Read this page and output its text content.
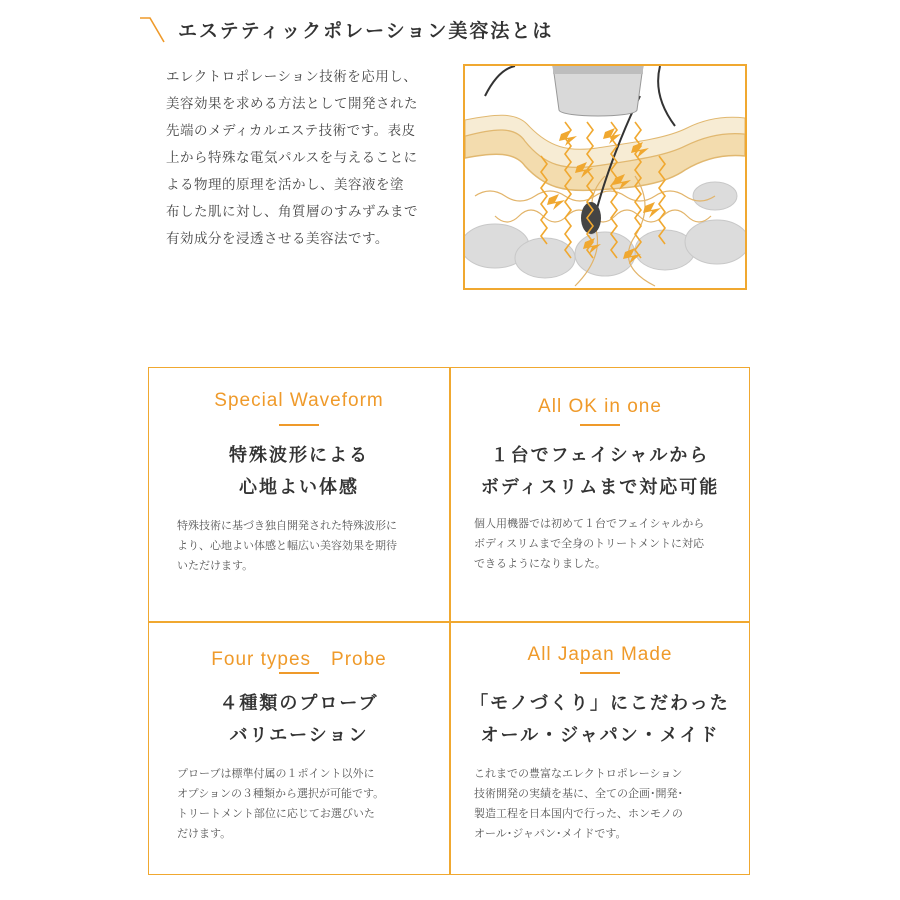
エステティックポレーション美容法とは

エレクトロポレーション技術を応用し、
美容効果を求める方法として開発された
先端のメディカルエステ技術です。表皮
上から特殊な電気パルスを与えることに
よる物理的原理を活かし、美容液を塗
布した肌に対し、角質層のすみずみまで
有効成分を浸透させる美容法です。

Special Waveform

特殊波形による
心地よい体感

特殊技術に基づき独自開発された特殊波形に
より、心地よい体感と幅広い美容効果を期待
いただけます。

All OK in one

１台でフェイシャルから
ボディスリムまで対応可能

個人用機器では初めて１台でフェイシャルから
ボディスリムまで全身のトリートメントに対応
できるようになりました。

Four types　Probe

４種類のプローブ
バリエーション

プローブは標準付属の１ポイント以外に
オプションの３種類から選択が可能です。
トリートメント部位に応じてお選びいた
だけます。

All Japan Made

「モノづくり」にこだわった
オール・ジャパン・メイド

これまでの豊富なエレクトロポレーション
技術開発の実績を基に、全ての企画･開発･
製造工程を日本国内で行った、ホンモノの
オール･ジャパン･メイドです。
